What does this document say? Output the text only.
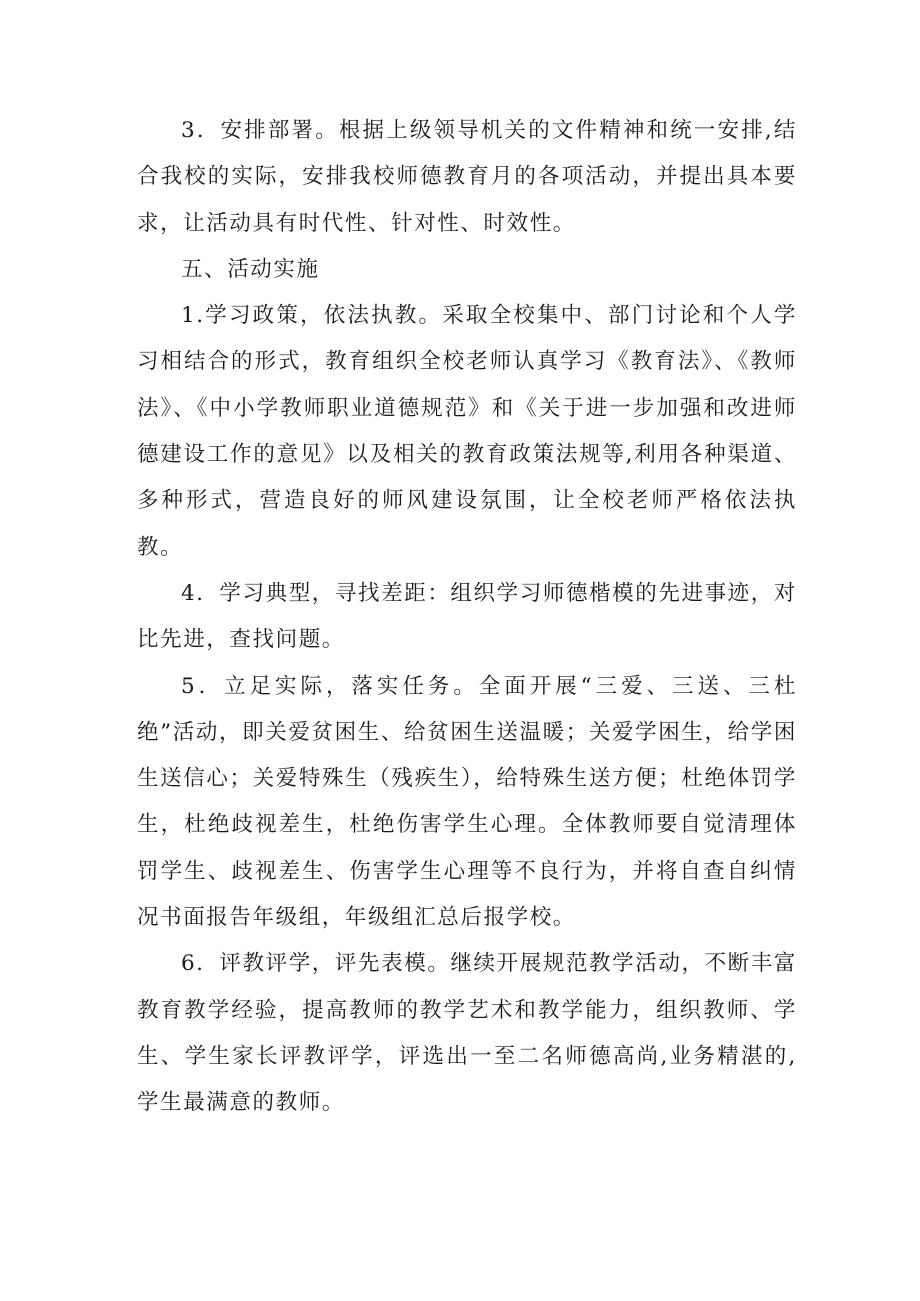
3．安排部署。根据上级领导机关的文件精神和统一安排,结合我校的实际，安排我校师德教育月的各项活动，并提出具本要求，让活动具有时代性、针对性、时效性。

五、活动实施

1.学习政策，依法执教。采取全校集中、部门讨论和个人学习相结合的形式，教育组织全校老师认真学习《教育法》、《教师法》、《中小学教师职业道德规范》和《关于进一步加强和改进师德建设工作的意见》以及相关的教育政策法规等,利用各种渠道、多种形式，营造良好的师风建设氛围，让全校老师严格依法执教。

4．学习典型，寻找差距：组织学习师德楷模的先进事迹，对比先进，查找问题。

5．立足实际，落实任务。全面开展“三爱、三送、三杜绝”活动，即关爱贫困生、给贫困生送温暖；关爱学困生，给学困生送信心；关爱特殊生（残疾生），给特殊生送方便；杜绝体罚学生，杜绝歧视差生，杜绝伤害学生心理。全体教师要自觉清理体罚学生、歧视差生、伤害学生心理等不良行为，并将自查自纠情况书面报告年级组，年级组汇总后报学校。

6．评教评学，评先表模。继续开展规范教学活动，不断丰富教育教学经验，提高教师的教学艺术和教学能力，组织教师、学生、学生家长评教评学，评选出一至二名师德高尚,业务精湛的,学生最满意的教师。
